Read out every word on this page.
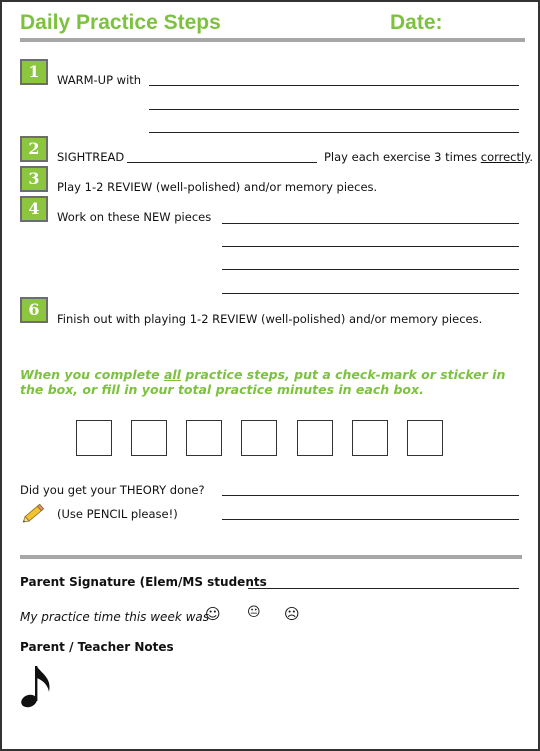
Daily Practice Steps	Date:
1	WARM-UP with
2	SIGHTREAD	Play each exercise 3 times correctly.
3	Play 1-2 REVIEW (well-polished) and/or memory pieces.
4	Work on these NEW pieces
6	Finish out with playing 1-2 REVIEW (well-polished) and/or memory pieces.
When you complete all practice steps, put a check-mark or sticker in the box, or fill in your total practice minutes in each box.
Did you get your THEORY done?
(Use PENCIL please!)
Parent Signature (Elem/MS students
My practice time this week was
☺ 😐 ☹
Parent / Teacher Notes
